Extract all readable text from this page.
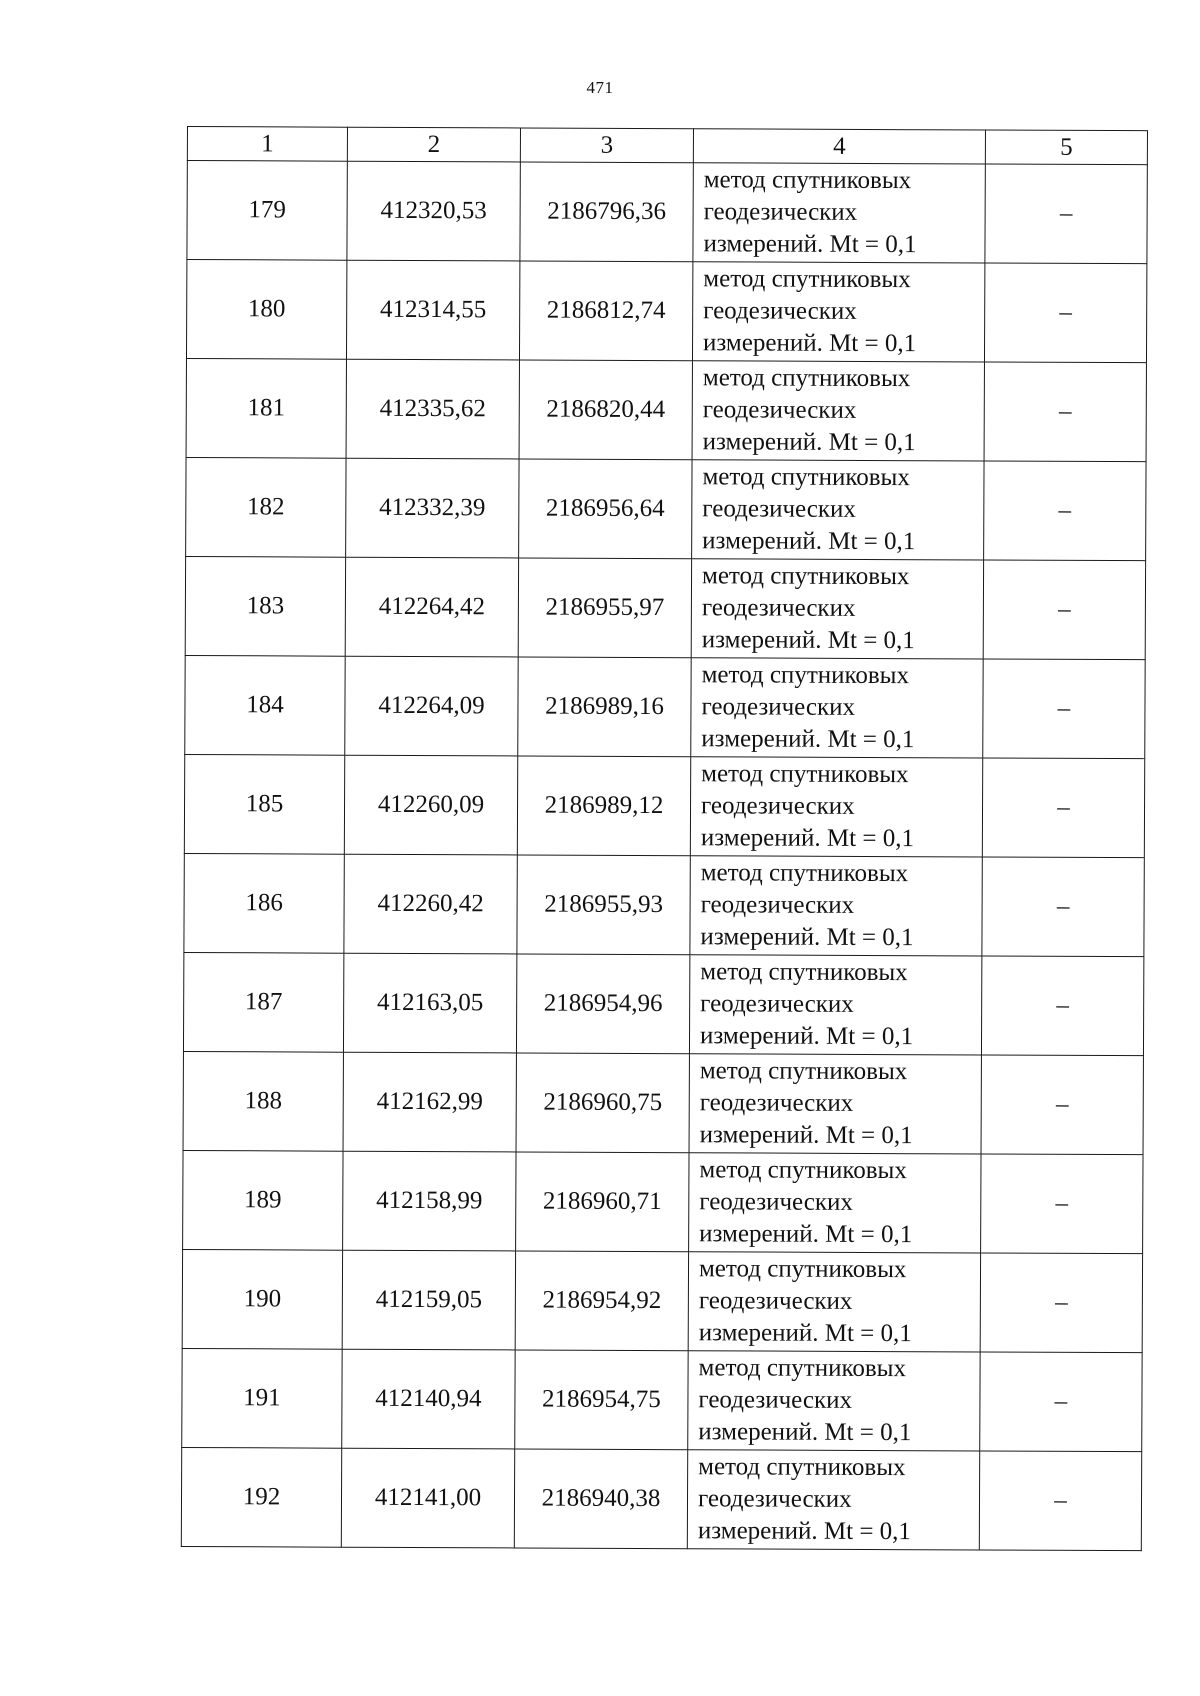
471
1	2	3	4	5
179	412320,53	2186796,36	метод спутниковых
геодезических
измерений. Mt = 0,1	–
180	412314,55	2186812,74	метод спутниковых
геодезических
измерений. Mt = 0,1	–
181	412335,62	2186820,44	метод спутниковых
геодезических
измерений. Mt = 0,1	–
182	412332,39	2186956,64	метод спутниковых
геодезических
измерений. Mt = 0,1	–
183	412264,42	2186955,97	метод спутниковых
геодезических
измерений. Mt = 0,1	–
184	412264,09	2186989,16	метод спутниковых
геодезических
измерений. Mt = 0,1	–
185	412260,09	2186989,12	метод спутниковых
геодезических
измерений. Mt = 0,1	–
186	412260,42	2186955,93	метод спутниковых
геодезических
измерений. Mt = 0,1	–
187	412163,05	2186954,96	метод спутниковых
геодезических
измерений. Mt = 0,1	–
188	412162,99	2186960,75	метод спутниковых
геодезических
измерений. Mt = 0,1	–
189	412158,99	2186960,71	метод спутниковых
геодезических
измерений. Mt = 0,1	–
190	412159,05	2186954,92	метод спутниковых
геодезических
измерений. Mt = 0,1	–
191	412140,94	2186954,75	метод спутниковых
геодезических
измерений. Mt = 0,1	–
192	412141,00	2186940,38	метод спутниковых
геодезических
измерений. Mt = 0,1	–
